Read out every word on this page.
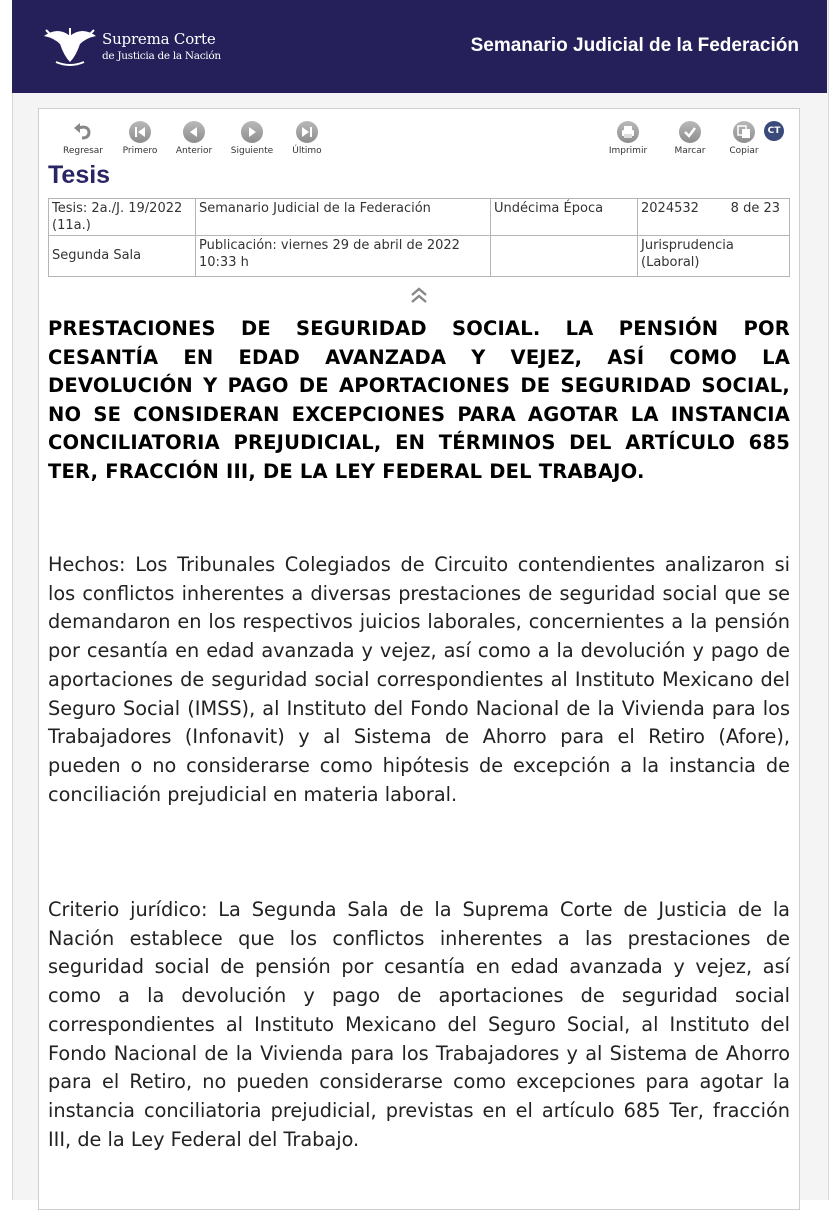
Suprema Corte
de Justicia de la Nación	Semanario Judicial de la Federación
Regresar	Primero	Anterior	Siguiente	Último	Imprimir	Marcar	Copiar
CT
Tesis
Tesis: 2a./J. 19/2022 (11a.)	Semanario Judicial de la Federación	Undécima Época	2024532 8 de 23

Segunda Sala	Publicación: viernes 29 de abril de 2022 10:33 h		Jurisprudencia (Laboral)
PRESTACIONES DE SEGURIDAD SOCIAL. LA PENSIÓN POR CESANTÍA EN EDAD AVANZADA Y VEJEZ, ASÍ COMO LA DEVOLUCIÓN Y PAGO DE APORTACIONES DE SEGURIDAD SOCIAL, NO SE CONSIDERAN EXCEPCIONES PARA AGOTAR LA INSTANCIA CONCILIATORIA PREJUDICIAL, EN TÉRMINOS DEL ARTÍCULO 685 TER, FRACCIÓN III, DE LA LEY FEDERAL DEL TRABAJO.
Hechos: Los Tribunales Colegiados de Circuito contendientes analizaron si los conflictos inherentes a diversas prestaciones de seguridad social que se demandaron en los respectivos juicios laborales, concernientes a la pensión por cesantía en edad avanzada y vejez, así como a la devolución y pago de aportaciones de seguridad social correspondientes al Instituto Mexicano del Seguro Social (IMSS), al Instituto del Fondo Nacional de la Vivienda para los Trabajadores (Infonavit) y al Sistema de Ahorro para el Retiro (Afore), pueden o no considerarse como hipótesis de excepción a la instancia de conciliación prejudicial en materia laboral.
Criterio jurídico: La Segunda Sala de la Suprema Corte de Justicia de la Nación establece que los conflictos inherentes a las prestaciones de seguridad social de pensión por cesantía en edad avanzada y vejez, así como a la devolución y pago de aportaciones de seguridad social correspondientes al Instituto Mexicano del Seguro Social, al Instituto del Fondo Nacional de la Vivienda para los Trabajadores y al Sistema de Ahorro para el Retiro, no pueden considerarse como excepciones para agotar la instancia conciliatoria prejudicial, previstas en el artículo 685 Ter, fracción III, de la Ley Federal del Trabajo.
